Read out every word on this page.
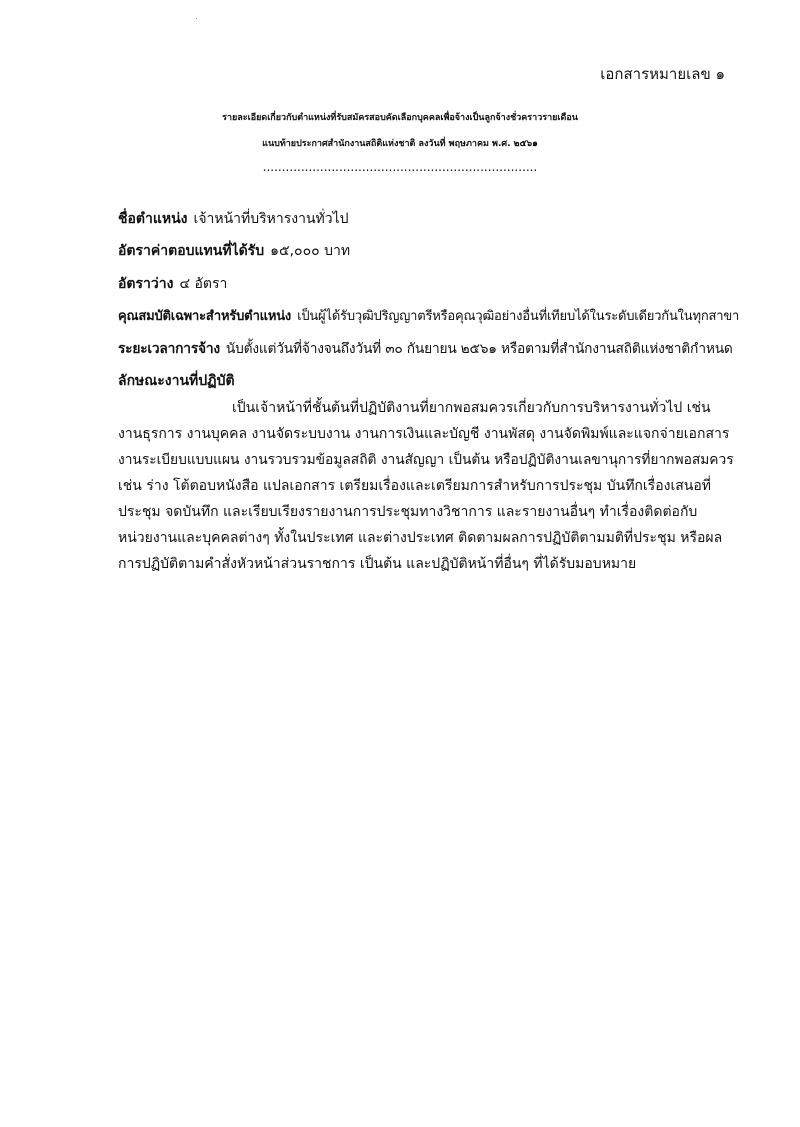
เอกสารหมายเลข ๑
รายละเอียดเกี่ยวกับตำแหน่งที่รับสมัครสอบคัดเลือกบุคคลเพื่อจ้างเป็นลูกจ้างชั่วคราวรายเดือน
แนบท้ายประกาศสำนักงานสถิติแห่งชาติ ลงวันที่ พฤษภาคม พ.ศ. ๒๕๖๑
........................................................................
ชื่อตำแหน่ง เจ้าหน้าที่บริหารงานทั่วไป
อัตราค่าตอบแทนที่ได้รับ ๑๕,๐๐๐ บาท
อัตราว่าง ๔ อัตรา
คุณสมบัติเฉพาะสำหรับตำแหน่ง เป็นผู้ได้รับวุฒิปริญญาตรีหรือคุณวุฒิอย่างอื่นที่เทียบได้ในระดับเดียวกันในทุกสาขา
ระยะเวลาการจ้าง นับตั้งแต่วันที่จ้างจนถึงวันที่ ๓๐ กันยายน ๒๕๖๑ หรือตามที่สำนักงานสถิติแห่งชาติกำหนด
ลักษณะงานที่ปฏิบัติ
เป็นเจ้าหน้าที่ชั้นต้นที่ปฏิบัติงานที่ยากพอสมควรเกี่ยวกับการบริหารงานทั่วไป เช่น
งานธุรการ งานบุคคล งานจัดระบบงาน งานการเงินและบัญชี งานพัสดุ งานจัดพิมพ์และแจกจ่ายเอกสาร
งานระเบียบแบบแผน งานรวบรวมข้อมูลสถิติ งานสัญญา เป็นต้น หรือปฏิบัติงานเลขานุการที่ยากพอสมควร
เช่น ร่าง โต้ตอบหนังสือ แปลเอกสาร เตรียมเรื่องและเตรียมการสำหรับการประชุม บันทึกเรื่องเสนอที่
ประชุม จดบันทึก และเรียบเรียงรายงานการประชุมทางวิชาการ และรายงานอื่นๆ ทำเรื่องติดต่อกับ
หน่วยงานและบุคคลต่างๆ ทั้งในประเทศ และต่างประเทศ ติดตามผลการปฏิบัติตามมติที่ประชุม หรือผล
การปฏิบัติตามคำสั่งหัวหน้าส่วนราชการ เป็นต้น และปฏิบัติหน้าที่อื่นๆ ที่ได้รับมอบหมาย
